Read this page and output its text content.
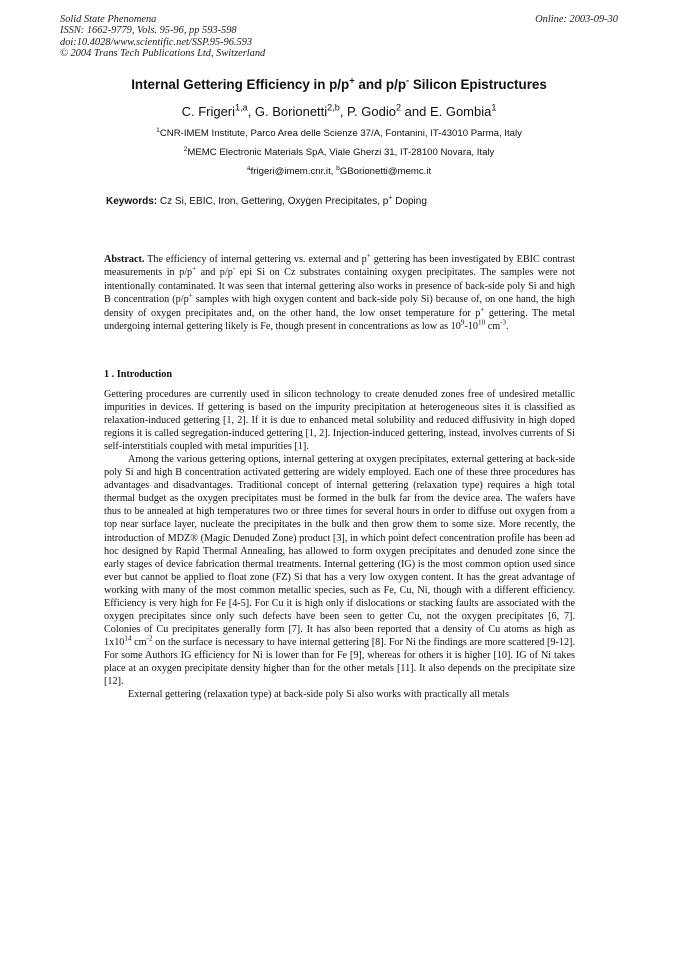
Solid State Phenomena
ISSN: 1662-9779, Vols. 95-96, pp 593-598
doi:10.4028/www.scientific.net/SSP.95-96.593
© 2004 Trans Tech Publications Ltd, Switzerland
Online: 2003-09-30
Internal Gettering Efficiency in p/p+ and p/p- Silicon Epistructures
C. Frigeri$^{1,a}$, G. Borionetti$^{2,b}$, P. Godio$^2$ and E. Gombia$^1$
$^1$CNR-IMEM Institute, Parco Area delle Scienze 37/A, Fontanini, IT-43010 Parma, Italy
$^2$MEMC Electronic Materials SpA, Viale Gherzi 31, IT-28100 Novara, Italy
$^a$frigeri@imem.cnr.it, $^b$GBorionetti@memc.it
Keywords: Cz Si, EBIC, Iron, Gettering, Oxygen Precipitates, p+ Doping
Abstract. The efficiency of internal gettering vs. external and p+ gettering has been investigated by EBIC contrast measurements in p/p+ and p/p- epi Si on Cz substrates containing oxygen precipitates. The samples were not intentionally contaminated. It was seen that internal gettering also works in presence of back-side poly Si and high B concentration (p/p+ samples with high oxygen content and back-side poly Si) because of, on one hand, the high density of oxygen precipitates and, on the other hand, the low onset temperature for p+ gettering. The metal undergoing internal gettering likely is Fe, though present in concentrations as low as $10^9-10^{10}$ $cm^{-3}$.
1 . Introduction

Gettering procedures are currently used in silicon technology to create denuded zones free of undesired metallic impurities in devices. If gettering is based on the impurity precipitation at heterogeneous sites it is classified as relaxation-induced gettering [1, 2]. If it is due to enhanced metal solubility and reduced diffusivity in high doped regions it is called segregation-induced gettering [1, 2]. Injection-induced gettering, instead, involves currents of Si self-interstitials coupled with metal impurities [1].

Among the various gettering options, internal gettering at oxygen precipitates, external gettering at back-side poly Si and high B concentration activated gettering are widely employed. Each one of these three procedures has advantages and disadvantages. Traditional concept of internal gettering (relaxation type) requires a high total thermal budget as the oxygen precipitates must be formed in the bulk far from the device area. The wafers have thus to be annealed at high temperatures two or three times for several hours in order to diffuse out oxygen from a top near surface layer, nucleate the precipitates in the bulk and then grow them to some size. More recently, the introduction of MDZ® (Magic Denuded Zone) product [3], in which point defect concentration profile has been ad hoc designed by Rapid Thermal Annealing, has allowed to form oxygen precipitates and denuded zone since the early stages of device fabrication thermal treatments. Internal gettering (IG) is the most common option used since ever but cannot be applied to float zone (FZ) Si that has a very low oxygen content. It has the great advantage of working with many of the most common metallic species, such as Fe, Cu, Ni, though with a different efficiency. Efficiency is very high for Fe [4-5]. For Cu it is high only if dislocations or stacking faults are associated with the oxygen precipitates since only such defects have been seen to getter Cu, not the oxygen precipitates [6, 7]. Colonies of Cu precipitates generally form [7]. It has also been reported that a density of Cu atoms as high as $1x10^{14}$ $cm^{-2}$ on the surface is necessary to have internal gettering [8]. For Ni the findings are more scattered [9-12]. For some Authors IG efficiency for Ni is lower than for Fe [9], whereas for others it is higher [10]. IG of Ni takes place at an oxygen precipitate density higher than for the other metals [11]. It also depends on the precipitate size [12].

External gettering (relaxation type) at back-side poly Si also works with practically all metals
